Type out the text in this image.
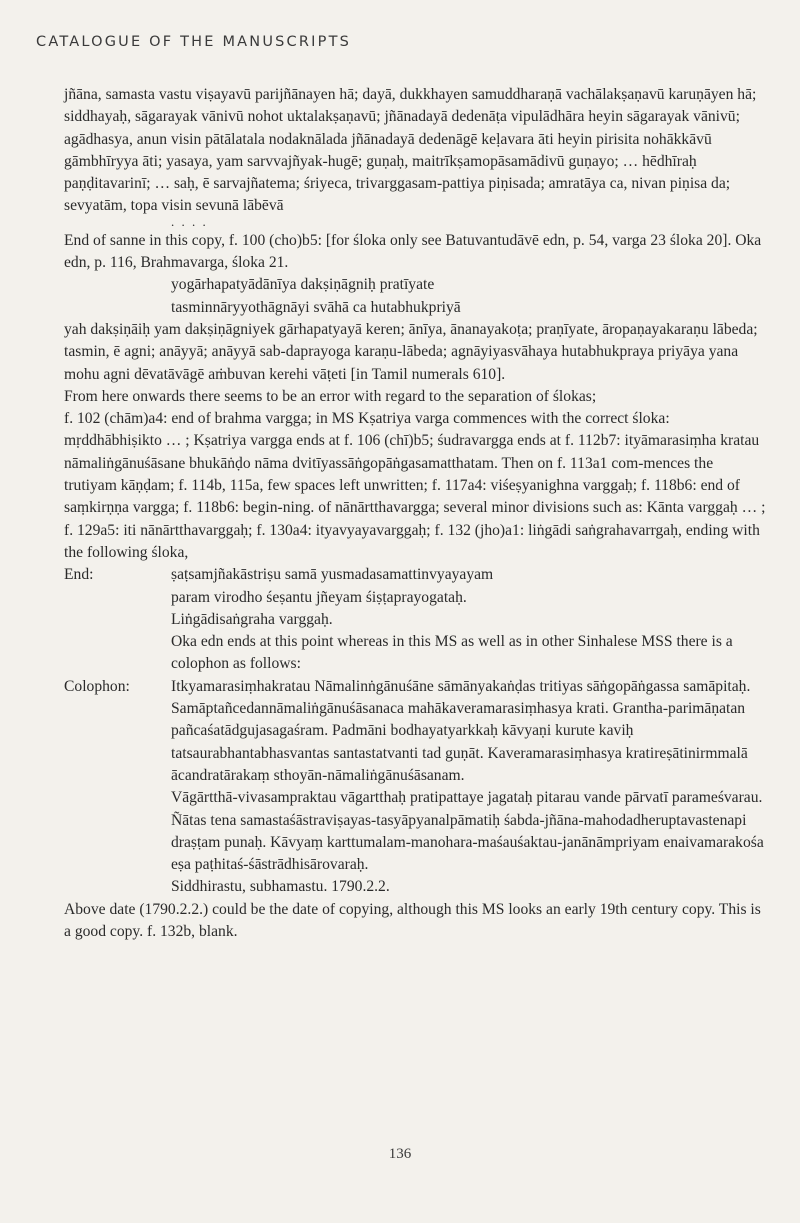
CATALOGUE OF THE MANUSCRIPTS

jñāna, samasta vastu viṣayavū parijñānayen hā; dayā, dukkhayen samuddharaṇā vachālakṣaṇavū karuṇāyen hā; siddhayaḥ, sāgarayak vānivū nohot uktalakṣaṇavū; jñānadayā dedenāṭa vipulādhāra heyin sāgarayak vānivū; agādhasya, anun visin pātālatala nodaknālada jñānadayā dedenāgē keḷavara āti heyin pirisita nohākkāvū gāmbhīryya āti; yasaya, yam sarvvajñyak-hugē; guṇaḥ, maitrīkṣamopāsamādivū guṇayo; … hēdhīraḥ paṇḍitavarinī; … saḥ, ē sarvajñatema; śriyeca, trivarggasam-pattiya piṇisada; amratāya ca, nivan piṇisa da; sevyatām, topa visin sevunā lābēvā

. . . .

End of sanne in this copy, f. 100 (cho)b5: [for śloka only see Batuvantudāvē edn, p. 54, varga 23 śloka 20]. Oka edn, p. 116, Brahmavarga, śloka 21.

yogārhapatyādānīya dakṣiṇāgniḥ pratīyate
tasminnāryyothāgnāyi svāhā ca hutabhukpriyā

yah dakṣiṇāiḥ yam dakṣiṇāgniyek gārhapatyayā keren; ānīya, ānanayakoṭa; praṇīyate, āropaṇayakaraṇu lābeda; tasmin, ē agni; anāyyā; anāyyā sab-daprayoga karaṇu-lābeda; agnāyiyasvāhaya hutabhukpraya priyāya yana mohu agni dēvatāvāgē aṁbuvan kerehi vāṭeti [in Tamil numerals 610].

From here onwards there seems to be an error with regard to the separation of ślokas;

f. 102 (chām)a4: end of brahma vargga; in MS Kṣatriya varga commences with the correct śloka: mṛddhābhiṣikto … ; Kṣatriya vargga ends at f. 106 (chī)b5; śudravargga ends at f. 112b7: ityāmarasiṃha kratau nāmaliṅgānuśāsane bhukāṅḍo nāma dvitīyassāṅgopāṅgasamatthatam. Then on f. 113a1 com-mences the trutiyam kāṇḍam; f. 114b, 115a, few spaces left unwritten; f. 117a4: viśeṣyanighna varggaḥ; f. 118b6: end of saṃkirṇṇa vargga; f. 118b6: begin-ning. of nānārtthavargga; several minor divisions such as: Kānta varggaḥ … ; f. 129a5: iti nānārtthavarggaḥ; f. 130a4: ityavyayavarggaḥ; f. 132 (jho)a1: liṅgādi saṅgrahavarrgaḥ, ending with the following śloka,

End:	ṣaṭsamjñakāstriṣu samā yusmadasamattinvyayayam
param virodho śeṣantu jñeyam śiṣṭaprayogataḥ.
Liṅgādisaṅgraha varggaḥ.
Oka edn ends at this point whereas in this MS as well as in other Sinhalese MSS there is a colophon as follows:
Colophon:	Itkyamarasiṃhakratau Nāmalinṅgānuśāne sāmānyakaṅḍas tritiyas sāṅgopāṅgassa samāpitaḥ.
Samāptañcedannāmaliṅgānuśāsanaca mahākaveramarasiṃhasya krati. Grantha-parimāṇatan pañcaśatādgujasagaśram. Padmāni bodhayatyarkkaḥ kāvyaṇi kurute kaviḥ tatsaurabhantabhasvantas santastatvanti tad guṇāt. Kaveramarasiṃhasya kratireṣātinirmmalā ācandratārakaṃ sthoyān-nāmaliṅgānuśāsanam.
Vāgārtthā-vivasampraktau vāgartthaḥ pratipattaye jagataḥ pitarau vande pārvatī parameśvarau. Ñātas tena samastaśāstraviṣayas-tasyāpyanalpāmatiḥ śabda-jñāna-mahodadheruptavastenapi draṣṭam punaḥ. Kāvyaṃ karttumalam-manohara-maśauśaktau-janānāmpriyam enaivamarakośa eṣa paṭhitaś-śāstrādhisārovaraḥ.
Siddhirastu, subhamastu. 1790.2.2.

Above date (1790.2.2.) could be the date of copying, although this MS looks an early 19th century copy. This is a good copy. f. 132b, blank.

136
